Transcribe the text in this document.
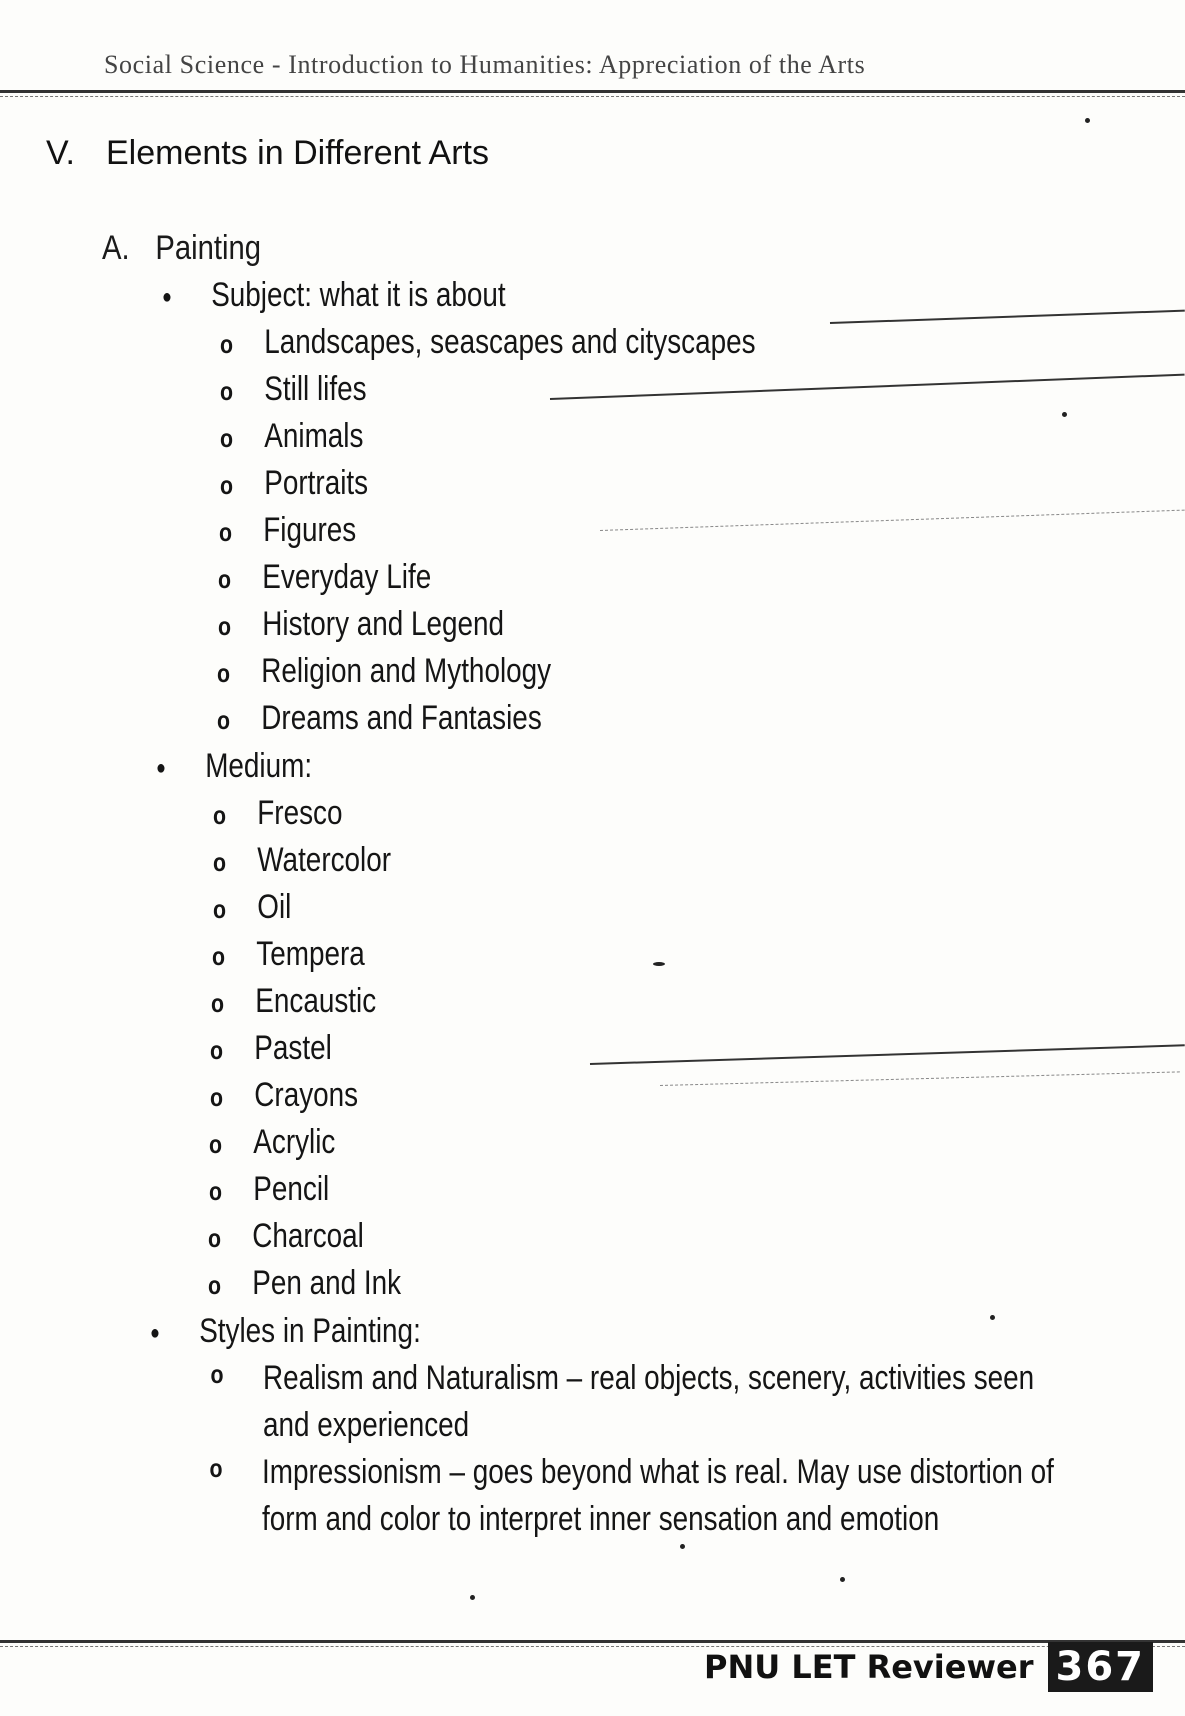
Social Science - Introduction to Humanities: Appreciation of the Arts
V. Elements in Different Arts
A. Painting
● Subject: what it is about
o Landscapes, seascapes and cityscapes
o Still lifes
o Animals
o Portraits
o Figures
o Everyday Life
o History and Legend
o Religion and Mythology
o Dreams and Fantasies
● Medium:
o Fresco
o Watercolor
o Oil
o Tempera
o Encaustic
o Pastel
o Crayons
o Acrylic
o Pencil
o Charcoal
o Pen and Ink
● Styles in Painting:
o Realism and Naturalism – real objects, scenery, activities seen
and experienced
o Impressionism – goes beyond what is real. May use distortion of
form and color to interpret inner sensation and emotion
PNU LET Reviewer 367
